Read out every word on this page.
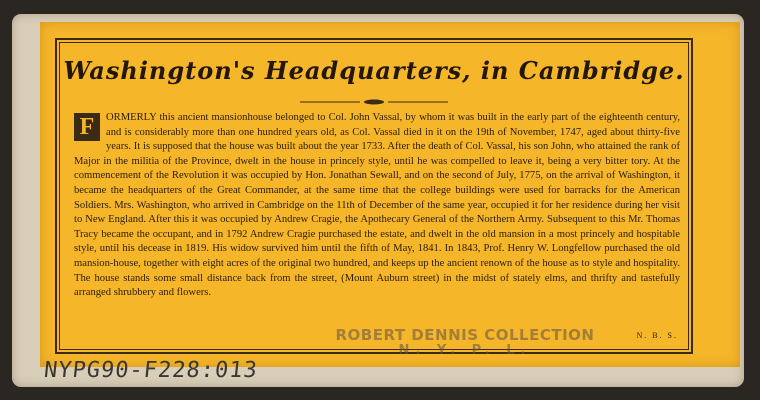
Washington's Headquarters, in Cambridge.
F	ORMERLY this ancient mansionhouse belonged to Col. John Vassal, by whom it was built in the early part of the eighteenth century, and is considerably more than one hundred years old, as Col. Vassal died in it on the 19th of November, 1747, aged about thirty-five years. It is supposed that the house was built about the year 1733. After the death of Col. Vassal, his son John, who attained the rank of Major in the militia of the Province, dwelt in the house in princely style, until he was compelled to leave it, being a very bitter tory. At the commencement of the Revolution it was occupied by Hon. Jonathan Sewall, and on the second of July, 1775, on the arrival of Washington, it became the headquarters of the Great Commander, at the same time that the college buildings were used for barracks for the American Soldiers. Mrs. Washington, who arrived in Cambridge on the 11th of December of the same year, occupied it for her residence during her visit to New England. After this it was occupied by Andrew Cragie, the Apothecary General of the Northern Army. Subsequent to this Mr. Thomas Tracy became the occupant, and in 1792 Andrew Cragie purchased the estate, and dwelt in the old mansion in a most princely and hospitable style, until his decease in 1819. His widow survived him until the fifth of May, 1841. In 1843, Prof. Henry W. Longfellow purchased the old mansion-house, together with eight acres of the original two hundred, and keeps up the ancient renown of the house as to style and hospitality. The house stands some small distance back from the street, (Mount Auburn street) in the midst of stately elms, and thrifty and tastefully arranged shrubbery and flowers.
N. B. S.
ROBERT DENNIS COLLECTION
N. Y. P. L.
NYPG90-F228:013
